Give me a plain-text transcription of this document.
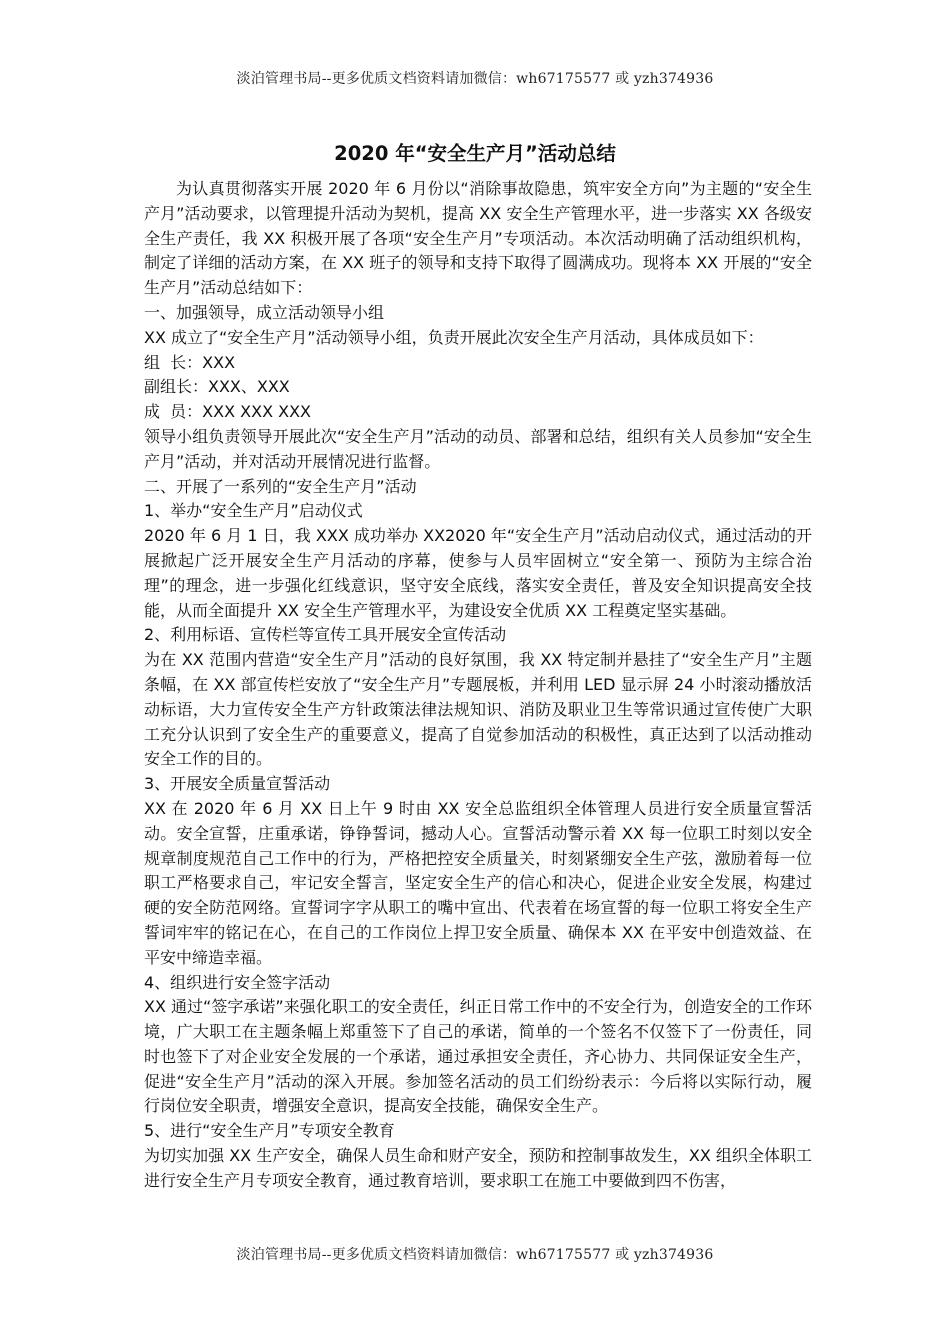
淡泊管理书局--更多优质文档资料请加微信：wh67175577 或 yzh374936
2020 年“安全生产月”活动总结

为认真贯彻落实开展 2020 年 6 月份以“消除事故隐患，筑牢安全方向”为主题的“安全生产月”活动要求，以管理提升活动为契机，提高 XX 安全生产管理水平，进一步落实 XX 各级安全生产责任，我 XX 积极开展了各项“安全生产月”专项活动。本次活动明确了活动组织机构，制定了详细的活动方案，在 XX 班子的领导和支持下取得了圆满成功。现将本 XX 开展的“安全生产月”活动总结如下：

一、加强领导，成立活动领导小组

XX 成立了“安全生产月”活动领导小组，负责开展此次安全生产月活动，具体成员如下：

组  长：XXX

副组长：XXX、XXX

成  员：XXX XXX XXX

领导小组负责领导开展此次“安全生产月”活动的动员、部署和总结，组织有关人员参加“安全生产月”活动，并对活动开展情况进行监督。

二、开展了一系列的“安全生产月”活动

1、举办“安全生产月”启动仪式

2020 年 6 月 1 日，我 XXX 成功举办 XX2020 年“安全生产月”活动启动仪式，通过活动的开展掀起广泛开展安全生产月活动的序幕，使参与人员牢固树立“安全第一、预防为主综合治理”的理念，进一步强化红线意识，坚守安全底线，落实安全责任，普及安全知识提高安全技能，从而全面提升 XX 安全生产管理水平，为建设安全优质 XX 工程奠定坚实基础。

2、利用标语、宣传栏等宣传工具开展安全宣传活动

为在 XX 范围内营造“安全生产月”活动的良好氛围，我 XX 特定制并悬挂了“安全生产月”主题条幅，在 XX 部宣传栏安放了“安全生产月”专题展板，并利用 LED 显示屏 24 小时滚动播放活动标语，大力宣传安全生产方针政策法律法规知识、消防及职业卫生等常识通过宣传使广大职工充分认识到了安全生产的重要意义，提高了自觉参加活动的积极性，真正达到了以活动推动安全工作的目的。

3、开展安全质量宣誓活动

XX 在 2020 年 6 月 XX 日上午 9 时由 XX 安全总监组织全体管理人员进行安全质量宣誓活动。安全宣誓，庄重承诺，铮铮誓词，撼动人心。宣誓活动警示着 XX 每一位职工时刻以安全规章制度规范自己工作中的行为，严格把控安全质量关，时刻紧绷安全生产弦，激励着每一位职工严格要求自己，牢记安全誓言，坚定安全生产的信心和决心，促进企业安全发展，构建过硬的安全防范网络。宣誓词字字从职工的嘴中宣出、代表着在场宣誓的每一位职工将安全生产誓词牢牢的铭记在心，在自己的工作岗位上捍卫安全质量、确保本 XX 在平安中创造效益、在平安中缔造幸福。

4、组织进行安全签字活动

XX 通过“签字承诺”来强化职工的安全责任，纠正日常工作中的不安全行为，创造安全的工作环境，广大职工在主题条幅上郑重签下了自己的承诺，简单的一个签名不仅签下了一份责任，同时也签下了对企业安全发展的一个承诺，通过承担安全责任，齐心协力、共同保证安全生产，促进“安全生产月”活动的深入开展。参加签名活动的员工们纷纷表示：今后将以实际行动，履行岗位安全职责，增强安全意识，提高安全技能，确保安全生产。

5、进行“安全生产月”专项安全教育

为切实加强 XX 生产安全，确保人员生命和财产安全，预防和控制事故发生，XX 组织全体职工进行安全生产月专项安全教育，通过教育培训，要求职工在施工中要做到四不伤害，

淡泊管理书局--更多优质文档资料请加微信：wh67175577 或 yzh374936
